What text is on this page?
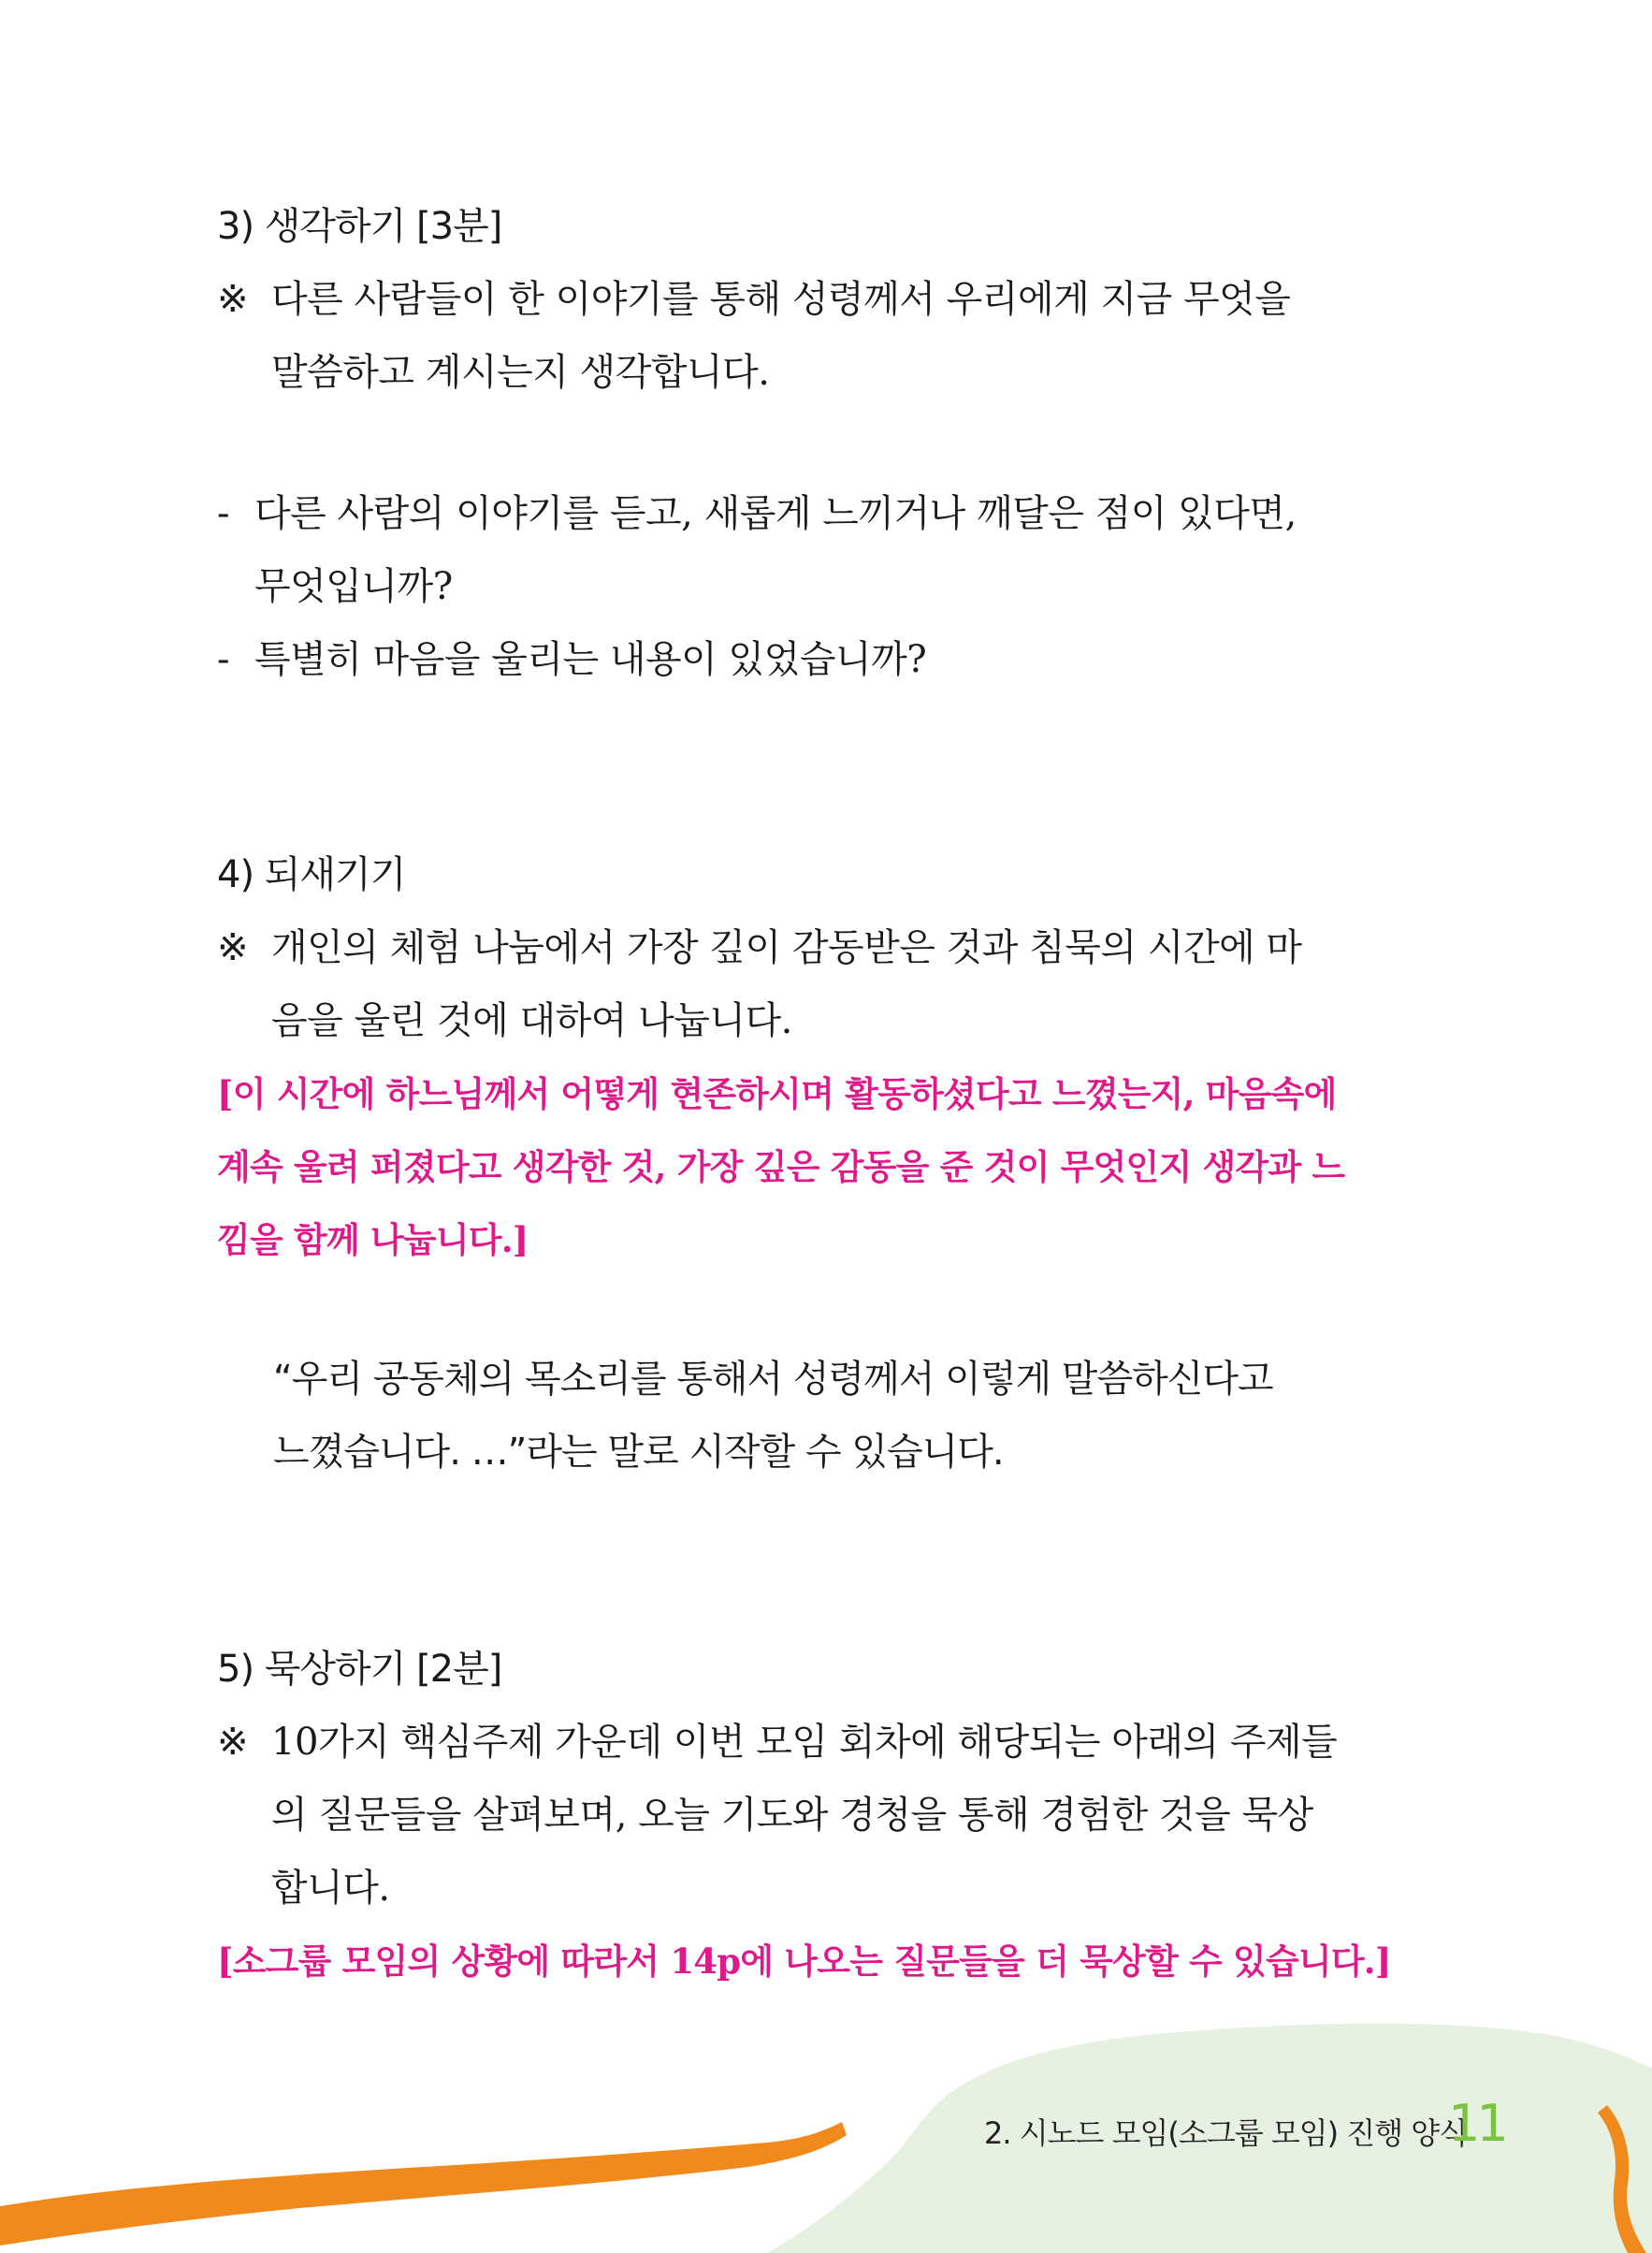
3) 생각하기 [3분]
※ 다른 사람들이 한 이야기를 통해 성령께서 우리에게 지금 무엇을
말씀하고 계시는지 생각합니다.
- 다른 사람의 이야기를 듣고, 새롭게 느끼거나 깨달은 점이 있다면,
무엇입니까?
- 특별히 마음을 울리는 내용이 있었습니까?
4) 되새기기
※ 개인의 체험 나눔에서 가장 깊이 감동받은 것과 침묵의 시간에 마
음을 울린 것에 대하여 나눕니다.
[이 시간에 하느님께서 어떻게 현존하시며 활동하셨다고 느꼈는지, 마음속에
계속 울려 퍼졌다고 생각한 것, 가장 깊은 감동을 준 것이 무엇인지 생각과 느
낌을 함께 나눕니다.]
“우리 공동체의 목소리를 통해서 성령께서 이렇게 말씀하신다고
느꼈습니다. …”라는 말로 시작할 수 있습니다.
5) 묵상하기 [2분]
※ 10가지 핵심주제 가운데 이번 모임 회차에 해당되는 아래의 주제들
의 질문들을 살펴보며, 오늘 기도와 경청을 통해 경험한 것을 묵상
합니다.
[소그룹 모임의 상황에 따라서 14p에 나오는 질문들을 더 묵상할 수 있습니다.]
2. 시노드 모임(소그룹 모임) 진행 양식
11
